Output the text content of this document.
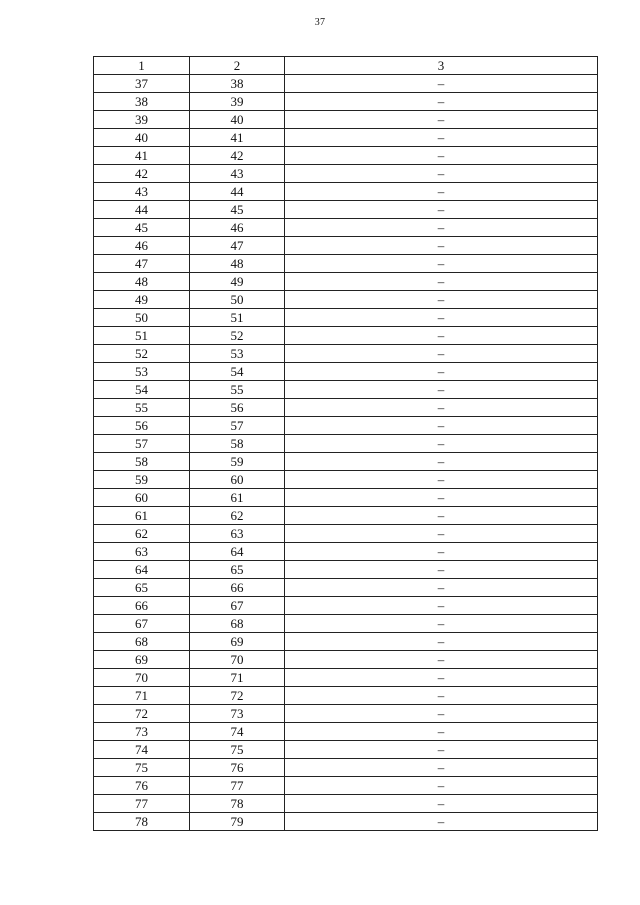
37
1	2	3
37	38	–
38	39	–
39	40	–
40	41	–
41	42	–
42	43	–
43	44	–
44	45	–
45	46	–
46	47	–
47	48	–
48	49	–
49	50	–
50	51	–
51	52	–
52	53	–
53	54	–
54	55	–
55	56	–
56	57	–
57	58	–
58	59	–
59	60	–
60	61	–
61	62	–
62	63	–
63	64	–
64	65	–
65	66	–
66	67	–
67	68	–
68	69	–
69	70	–
70	71	–
71	72	–
72	73	–
73	74	–
74	75	–
75	76	–
76	77	–
77	78	–
78	79	–
